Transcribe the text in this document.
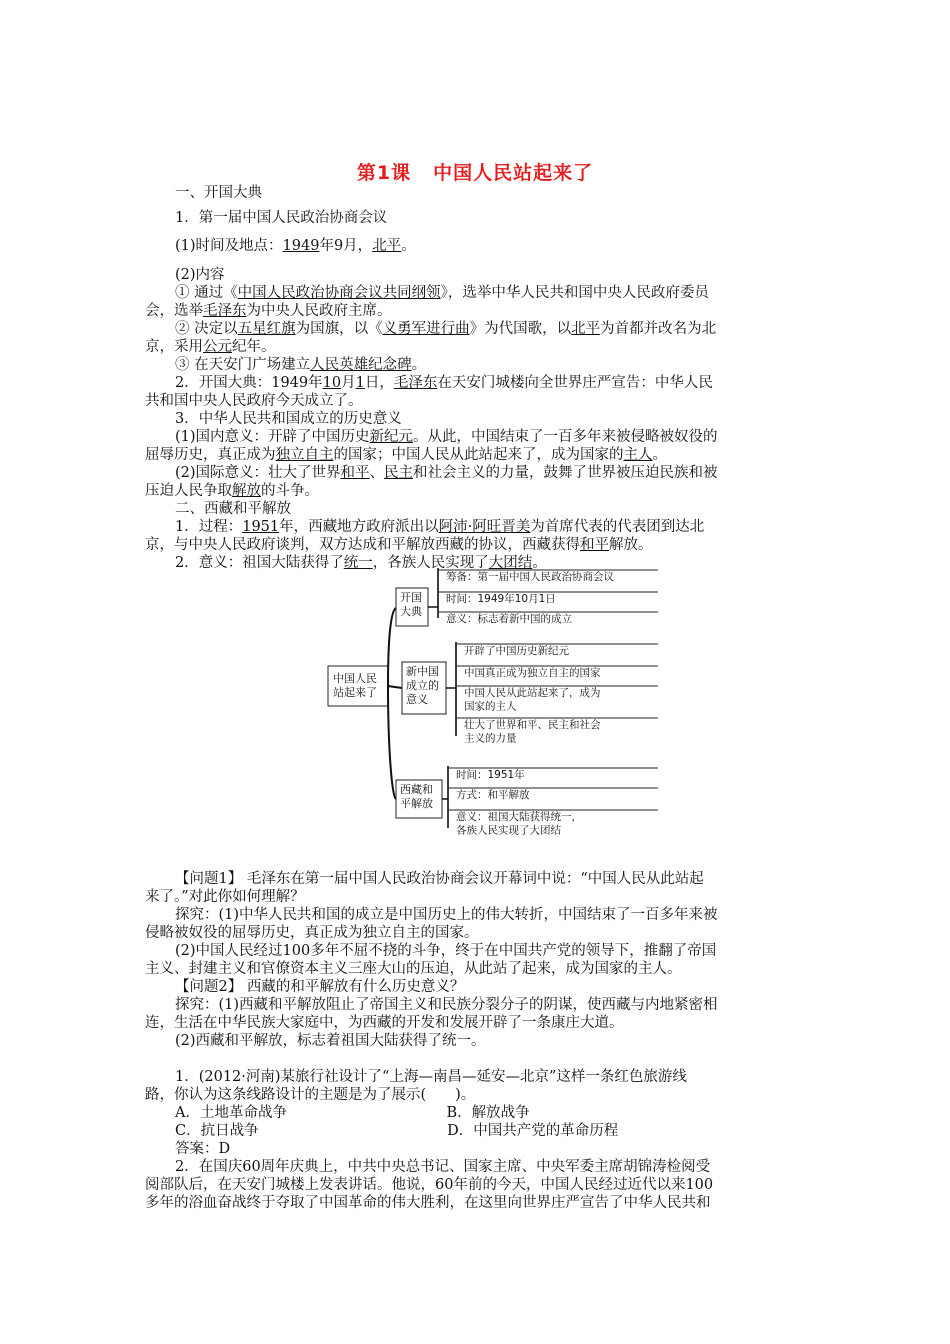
第1课 中国人民站起来了
一、开国大典
1．第一届中国人民政治协商会议
(1)时间及地点：1949年9月，北平。
(2)内容
① 通过《中国人民政治协商会议共同纲领》，选举中华人民共和国中央人民政府委员
会，选举毛泽东为中央人民政府主席。
② 决定以五星红旗为国旗，以《义勇军进行曲》为代国歌，以北平为首都并改名为北
京，采用公元纪年。
③ 在天安门广场建立人民英雄纪念碑。
2．开国大典：1949年10月1日，毛泽东在天安门城楼向全世界庄严宣告：中华人民
共和国中央人民政府今天成立了。
3．中华人民共和国成立的历史意义
(1)国内意义：开辟了中国历史新纪元。从此，中国结束了一百多年来被侵略被奴役的
屈辱历史，真正成为独立自主的国家；中国人民从此站起来了，成为国家的主人。
(2)国际意义：壮大了世界和平、民主和社会主义的力量，鼓舞了世界被压迫民族和被
压迫人民争取解放的斗争。
二、西藏和平解放
1．过程：1951年，西藏地方政府派出以阿沛·阿旺晋美为首席代表的代表团到达北
京，与中央人民政府谈判，双方达成和平解放西藏的协议，西藏获得和平解放。
2．意义：祖国大陆获得了统一，各族人民实现了大团结。
【问题1】 毛泽东在第一届中国人民政治协商会议开幕词中说：“中国人民从此站起
来了。”对此你如何理解？
探究：(1)中华人民共和国的成立是中国历史上的伟大转折，中国结束了一百多年来被
侵略被奴役的屈辱历史，真正成为独立自主的国家。
(2)中国人民经过100多年不屈不挠的斗争，终于在中国共产党的领导下，推翻了帝国
主义、封建主义和官僚资本主义三座大山的压迫，从此站了起来，成为国家的主人。
【问题2】 西藏的和平解放有什么历史意义？
探究：(1)西藏和平解放阻止了帝国主义和民族分裂分子的阴谋，使西藏与内地紧密相
连，生活在中华民族大家庭中，为西藏的开发和发展开辟了一条康庄大道。
(2)西藏和平解放，标志着祖国大陆获得了统一。
1．(2012·河南)某旅行社设计了“上海—南昌—延安—北京”这样一条红色旅游线
路，你认为这条线路设计的主题是为了展示(　　)。
A．土地革命战争　　　　　　　　　　　B．解放战争
C．抗日战争　　　　　　　　　　　　　D．中国共产党的革命历程
答案：D
2．在国庆60周年庆典上，中共中央总书记、国家主席、中央军委主席胡锦涛检阅受
阅部队后，在天安门城楼上发表讲话。他说，60年前的今天，中国人民经过近代以来100
多年的浴血奋战终于夺取了中国革命的伟大胜利，在这里向世界庄严宣告了中华人民共和
中国人民
站起来了
开国
大典
筹备：第一届中国人民政治协商会议
时间：1949年10月1日
意义：标志着新中国的成立
新中国
成立的
意义
开辟了中国历史新纪元
中国真正成为独立自主的国家
中国人民从此站起来了，成为
国家的主人
壮大了世界和平、民主和社会
主义的力量
西藏和
平解放
时间：1951年
方式：和平解放
意义：祖国大陆获得统一，
各族人民实现了大团结
